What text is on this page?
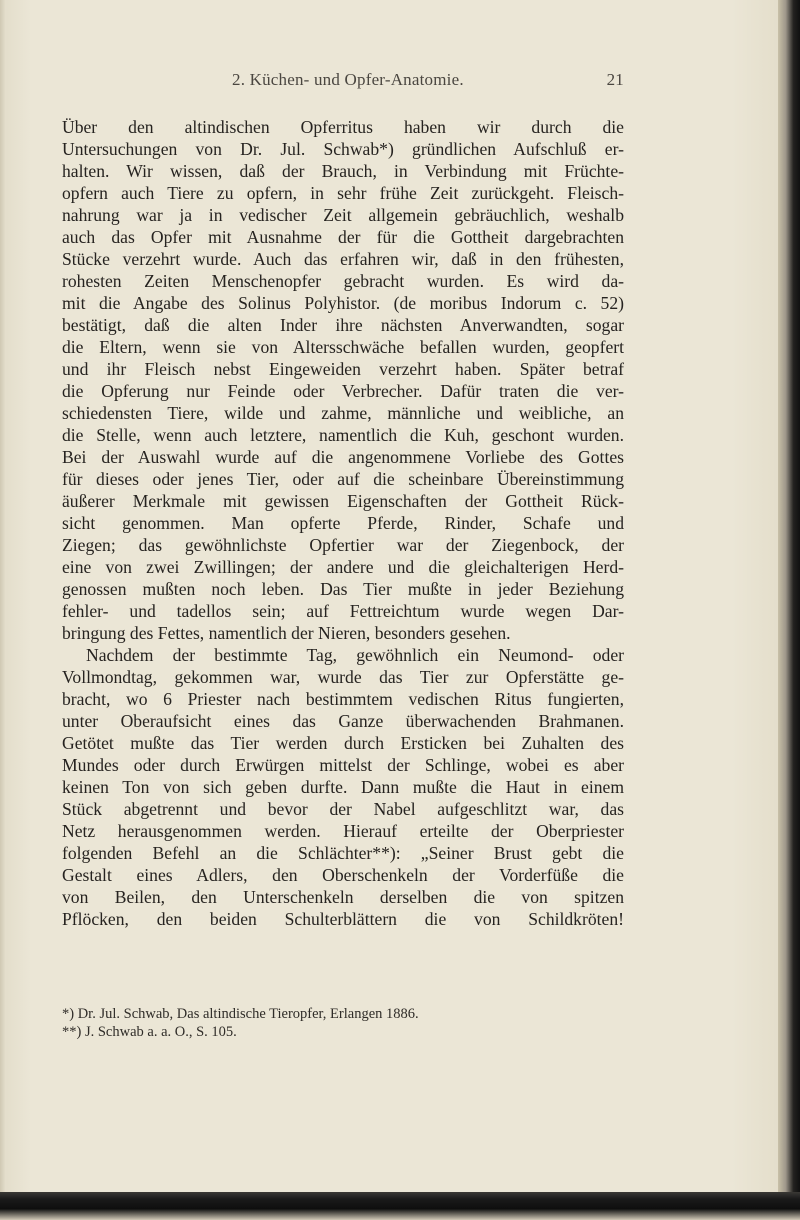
2. Küchen- und Opfer-Anatomie.	21
Über den altindischen Opferritus haben wir durch die
Untersuchungen von Dr. Jul. Schwab*) gründlichen Aufschluß er-
halten. Wir wissen, daß der Brauch, in Verbindung mit Früchte-
opfern auch Tiere zu opfern, in sehr frühe Zeit zurückgeht. Fleisch-
nahrung war ja in vedischer Zeit allgemein gebräuchlich, weshalb
auch das Opfer mit Ausnahme der für die Gottheit dargebrachten
Stücke verzehrt wurde. Auch das erfahren wir, daß in den frühesten,
rohesten Zeiten Menschenopfer gebracht wurden. Es wird da-
mit die Angabe des Solinus Polyhistor. (de moribus Indorum c. 52)
bestätigt, daß die alten Inder ihre nächsten Anverwandten, sogar
die Eltern, wenn sie von Altersschwäche befallen wurden, geopfert
und ihr Fleisch nebst Eingeweiden verzehrt haben. Später betraf
die Opferung nur Feinde oder Verbrecher. Dafür traten die ver-
schiedensten Tiere, wilde und zahme, männliche und weibliche, an
die Stelle, wenn auch letztere, namentlich die Kuh, geschont wurden.
Bei der Auswahl wurde auf die angenommene Vorliebe des Gottes
für dieses oder jenes Tier, oder auf die scheinbare Übereinstimmung
äußerer Merkmale mit gewissen Eigenschaften der Gottheit Rück-
sicht genommen. Man opferte Pferde, Rinder, Schafe und
Ziegen; das gewöhnlichste Opfertier war der Ziegenbock, der
eine von zwei Zwillingen; der andere und die gleichalterigen Herd-
genossen mußten noch leben. Das Tier mußte in jeder Beziehung
fehler- und tadellos sein; auf Fettreichtum wurde wegen Dar-
bringung des Fettes, namentlich der Nieren, besonders gesehen.
Nachdem der bestimmte Tag, gewöhnlich ein Neumond- oder
Vollmondtag, gekommen war, wurde das Tier zur Opferstätte ge-
bracht, wo 6 Priester nach bestimmtem vedischen Ritus fungierten,
unter Oberaufsicht eines das Ganze überwachenden Brahmanen.
Getötet mußte das Tier werden durch Ersticken bei Zuhalten des
Mundes oder durch Erwürgen mittelst der Schlinge, wobei es aber
keinen Ton von sich geben durfte. Dann mußte die Haut in einem
Stück abgetrennt und bevor der Nabel aufgeschlitzt war, das
Netz herausgenommen werden. Hierauf erteilte der Oberpriester
folgenden Befehl an die Schlächter**): „Seiner Brust gebt die
Gestalt eines Adlers, den Oberschenkeln der Vorderfüße die
von Beilen, den Unterschenkeln derselben die von spitzen
Pflöcken, den beiden Schulterblättern die von Schildkröten!
*) Dr. Jul. Schwab, Das altindische Tieropfer, Erlangen 1886.
**) J. Schwab a. a. O., S. 105.
